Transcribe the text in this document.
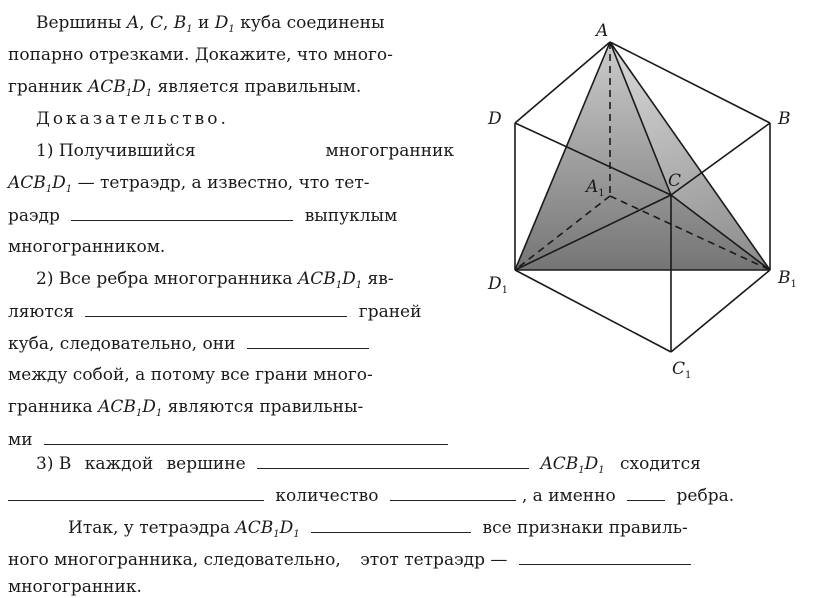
Вершины A, C, $B_1$ и $D_1$ куба соединены
попарно отрезками. Докажите, что много-
гранник $ACB_1D_1$ является правильным.
Доказательство.
1) Получившийся	многогранник
$ACB_1D_1$ — тетраэдр, а известно, что тет-
раэдр	выпуклым
многогранником.
2) Все ребра многогранника $ACB_1D_1$ яв-
ляются	граней
куба, следовательно, они
между собой, а потому все грани много-
гранника $ACB_1D_1$ являются правильны-
ми
3) В каждой вершине	$ACB_1D_1$ сходится
количество	, а именно	ребра.
Итак, у тетраэдра $ACB_1D_1$	все признаки правиль-
ного многогранника, следовательно, этот тетраэдр —
многогранник.
A
B
C
D
$A_1$
$B_1$
$C_1$
$D_1$
